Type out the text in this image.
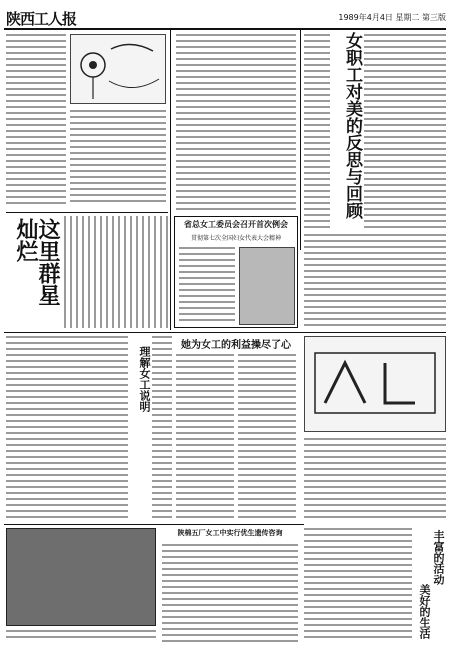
陕西工人报	1989年4月4日 星期二 第三版
这里群星灿烂	省总女工委员会召开首次例会
贯彻第七次全国妇女代表大会精神
女职工对美的反思与回顾
她为女工的利益操尽了心
理解女工说明
陕棉五厂女工中实行优生遗传咨询	丰富的活动
美好的生活
